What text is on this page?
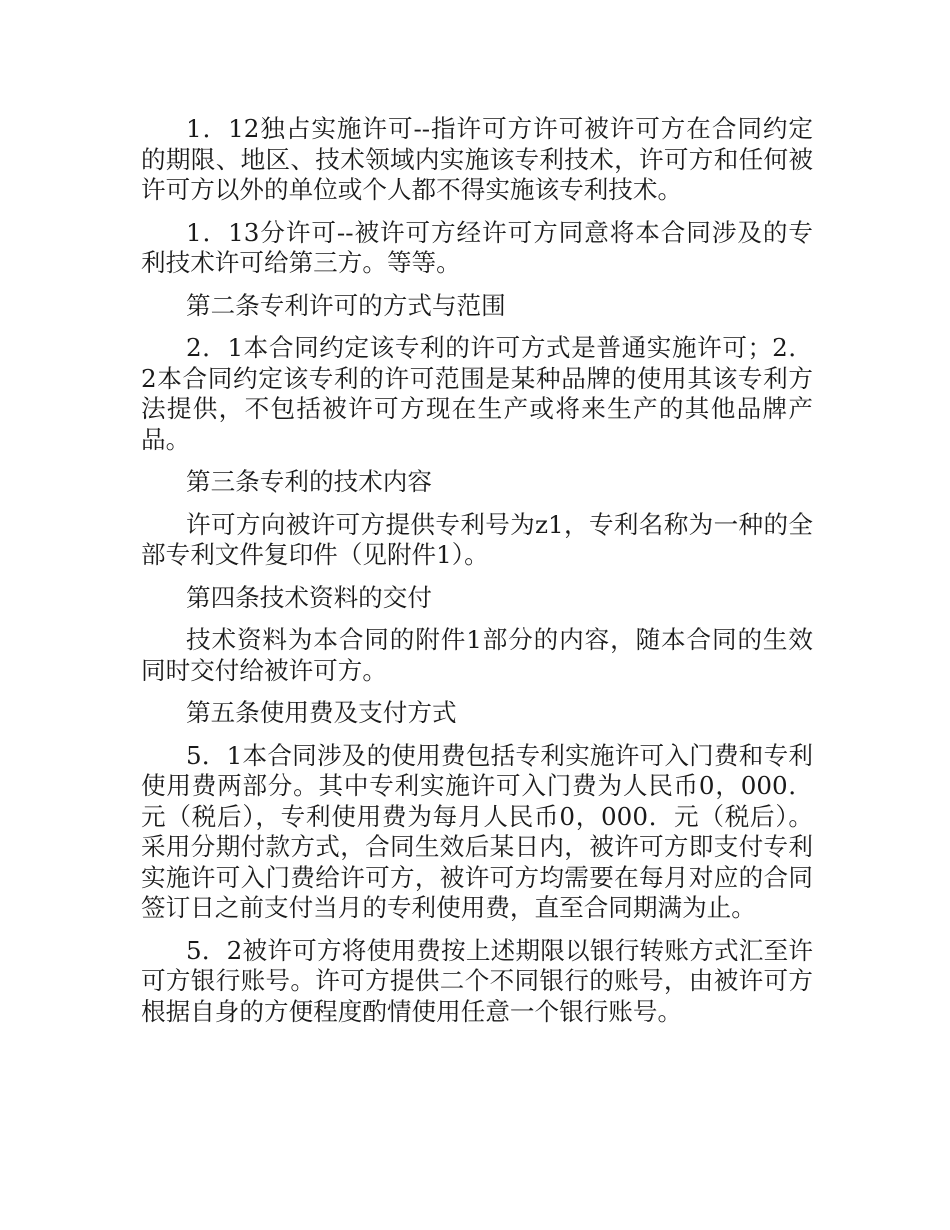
1．12独占实施许可--指许可方许可被许可方在合同约定的期限、地区、技术领域内实施该专利技术，许可方和任何被许可方以外的单位或个人都不得实施该专利技术。

1．13分许可--被许可方经许可方同意将本合同涉及的专利技术许可给第三方。等等。

第二条专利许可的方式与范围

2．1本合同约定该专利的许可方式是普通实施许可；2．2本合同约定该专利的许可范围是某种品牌的使用其该专利方法提供，不包括被许可方现在生产或将来生产的其他品牌产品。

第三条专利的技术内容

许可方向被许可方提供专利号为z1，专利名称为一种的全部专利文件复印件（见附件1）。

第四条技术资料的交付

技术资料为本合同的附件1部分的内容，随本合同的生效同时交付给被许可方。

第五条使用费及支付方式

5．1本合同涉及的使用费包括专利实施许可入门费和专利使用费两部分。其中专利实施许可入门费为人民币0，000．元（税后），专利使用费为每月人民币0，000．元（税后）。采用分期付款方式，合同生效后某日内，被许可方即支付专利实施许可入门费给许可方，被许可方均需要在每月对应的合同签订日之前支付当月的专利使用费，直至合同期满为止。

5．2被许可方将使用费按上述期限以银行转账方式汇至许可方银行账号。许可方提供二个不同银行的账号，由被许可方根据自身的方便程度酌情使用任意一个银行账号。
